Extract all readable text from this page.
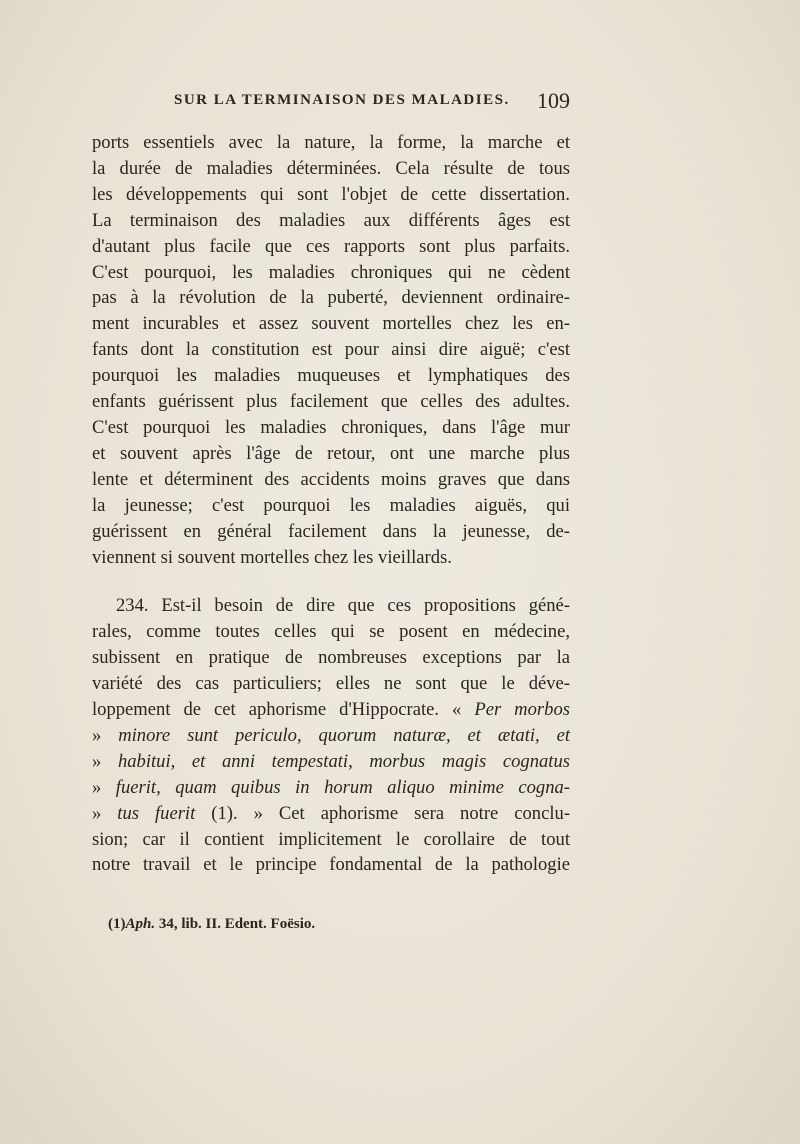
SUR LA TERMINAISON DES MALADIES. 109

ports essentiels avec la nature, la forme, la marche et
la durée de maladies déterminées. Cela résulte de tous
les développements qui sont l'objet de cette dissertation.
La terminaison des maladies aux différents âges est
d'autant plus facile que ces rapports sont plus parfaits.
C'est pourquoi, les maladies chroniques qui ne cèdent
pas à la révolution de la puberté, deviennent ordinaire-
ment incurables et assez souvent mortelles chez les en-
fants dont la constitution est pour ainsi dire aiguë; c'est
pourquoi les maladies muqueuses et lymphatiques des
enfants guérissent plus facilement que celles des adultes.
C'est pourquoi les maladies chroniques, dans l'âge mur
et souvent après l'âge de retour, ont une marche plus
lente et déterminent des accidents moins graves que dans
la jeunesse; c'est pourquoi les maladies aiguës, qui
guérissent en général facilement dans la jeunesse, de-
viennent si souvent mortelles chez les vieillards.

234. Est-il besoin de dire que ces propositions géné-
rales, comme toutes celles qui se posent en médecine,
subissent en pratique de nombreuses exceptions par la
variété des cas particuliers; elles ne sont que le déve-
loppement de cet aphorisme d'Hippocrate. « Per morbos
» minore sunt periculo, quorum naturæ, et ætati, et
» habitui, et anni tempestati, morbus magis cognatus
» fuerit, quam quibus in horum aliquo minime cogna-
» tus fuerit (1). » Cet aphorisme sera notre conclu-
sion; car il contient implicitement le corollaire de tout
notre travail et le principe fondamental de la pathologie

(1)Aph. 34, lib. II. Edent. Foësio.
